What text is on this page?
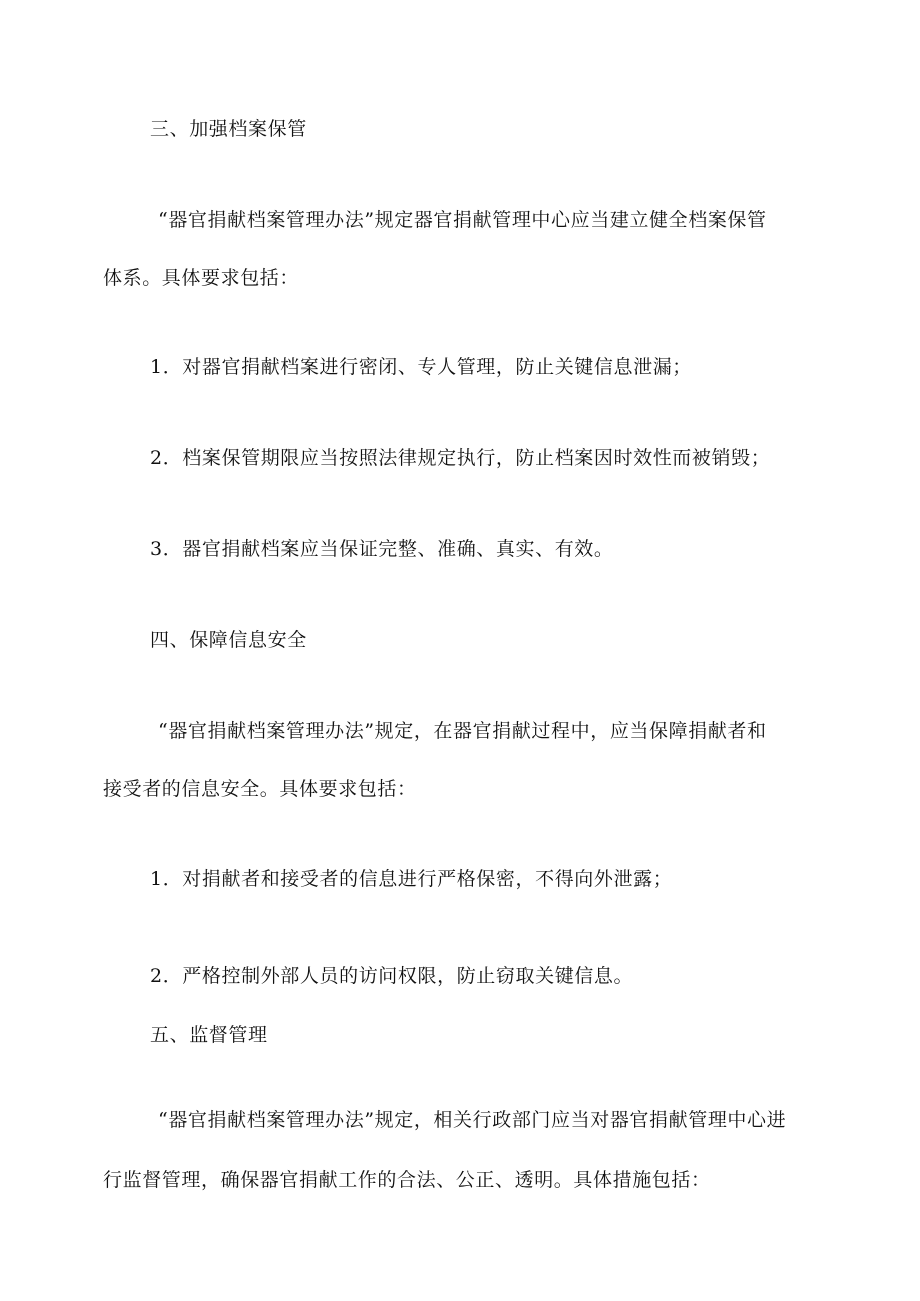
三、加强档案保管

“器官捐献档案管理办法”规定器官捐献管理中心应当建立健全档案保管

体系。具体要求包括：

1．对器官捐献档案进行密闭、专人管理，防止关键信息泄漏；

2．档案保管期限应当按照法律规定执行，防止档案因时效性而被销毁；

3．器官捐献档案应当保证完整、准确、真实、有效。

四、保障信息安全

“器官捐献档案管理办法”规定，在器官捐献过程中，应当保障捐献者和

接受者的信息安全。具体要求包括：

1．对捐献者和接受者的信息进行严格保密，不得向外泄露；

2．严格控制外部人员的访问权限，防止窃取关键信息。

五、监督管理

“器官捐献档案管理办法”规定，相关行政部门应当对器官捐献管理中心进

行监督管理，确保器官捐献工作的合法、公正、透明。具体措施包括：
